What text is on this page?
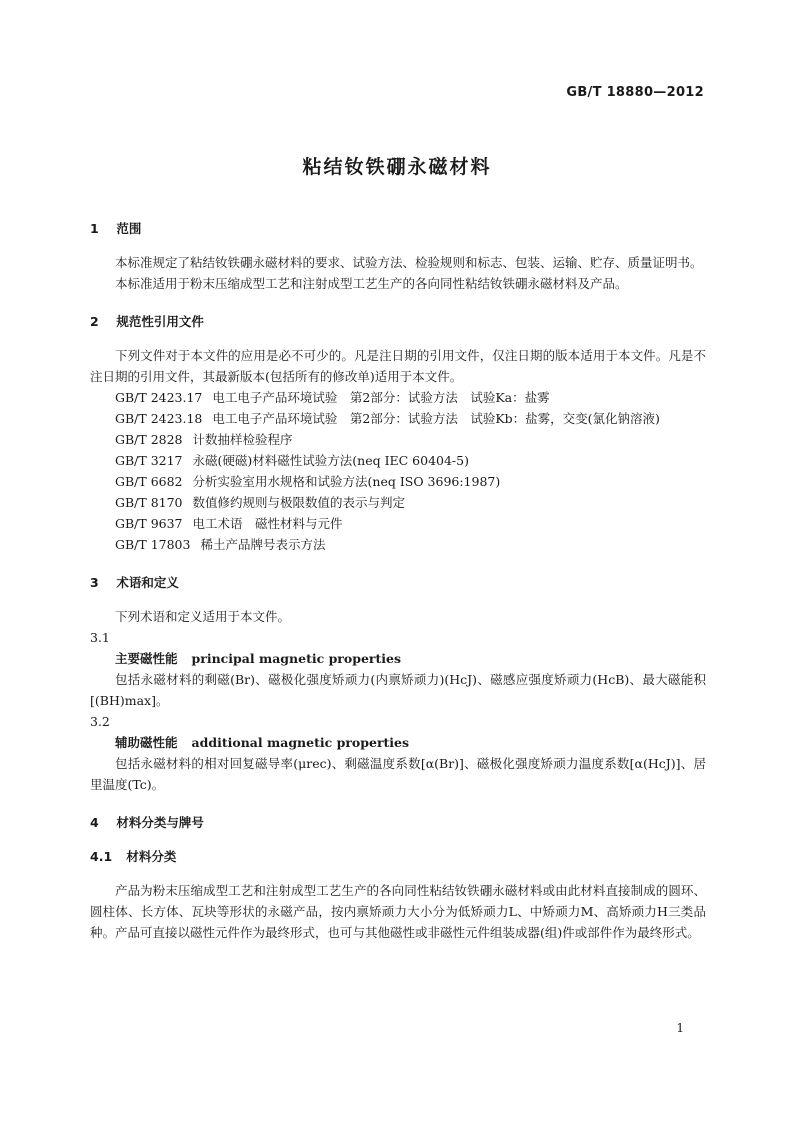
GB/T 18880—2012
粘结钕铁硼永磁材料

1 范围

本标准规定了粘结钕铁硼永磁材料的要求、试验方法、检验规则和标志、包装、运输、贮存、质量证明书。

本标准适用于粉末压缩成型工艺和注射成型工艺生产的各向同性粘结钕铁硼永磁材料及产品。

2 规范性引用文件

下列文件对于本文件的应用是必不可少的。凡是注日期的引用文件，仅注日期的版本适用于本文件。凡是不注日期的引用文件，其最新版本(包括所有的修改单)适用于本文件。

GB/T 2423.17 电工电子产品环境试验　第2部分：试验方法　试验Ka：盐雾

GB/T 2423.18 电工电子产品环境试验　第2部分：试验方法　试验Kb：盐雾，交变(氯化钠溶液)

GB/T 2828 计数抽样检验程序

GB/T 3217 永磁(硬磁)材料磁性试验方法(neq IEC 60404-5)

GB/T 6682 分析实验室用水规格和试验方法(neq ISO 3696:1987)

GB/T 8170 数值修约规则与极限数值的表示与判定

GB/T 9637 电工术语　磁性材料与元件

GB/T 17803 稀土产品牌号表示方法

3 术语和定义

下列术语和定义适用于本文件。

3.1

主要磁性能 principal magnetic properties

包括永磁材料的剩磁(Br)、磁极化强度矫顽力(内禀矫顽力)(HcJ)、磁感应强度矫顽力(HcB)、最大磁能积[(BH)max]。

3.2

辅助磁性能 additional magnetic properties

包括永磁材料的相对回复磁导率(μrec)、剩磁温度系数[α(Br)]、磁极化强度矫顽力温度系数[α(HcJ)]、居里温度(Tc)。

4 材料分类与牌号

4.1 材料分类

产品为粉末压缩成型工艺和注射成型工艺生产的各向同性粘结钕铁硼永磁材料或由此材料直接制成的圆环、圆柱体、长方体、瓦块等形状的永磁产品，按内禀矫顽力大小分为低矫顽力L、中矫顽力M、高矫顽力H三类品种。产品可直接以磁性元件作为最终形式，也可与其他磁性或非磁性元件组装成器(组)件或部件作为最终形式。

1
